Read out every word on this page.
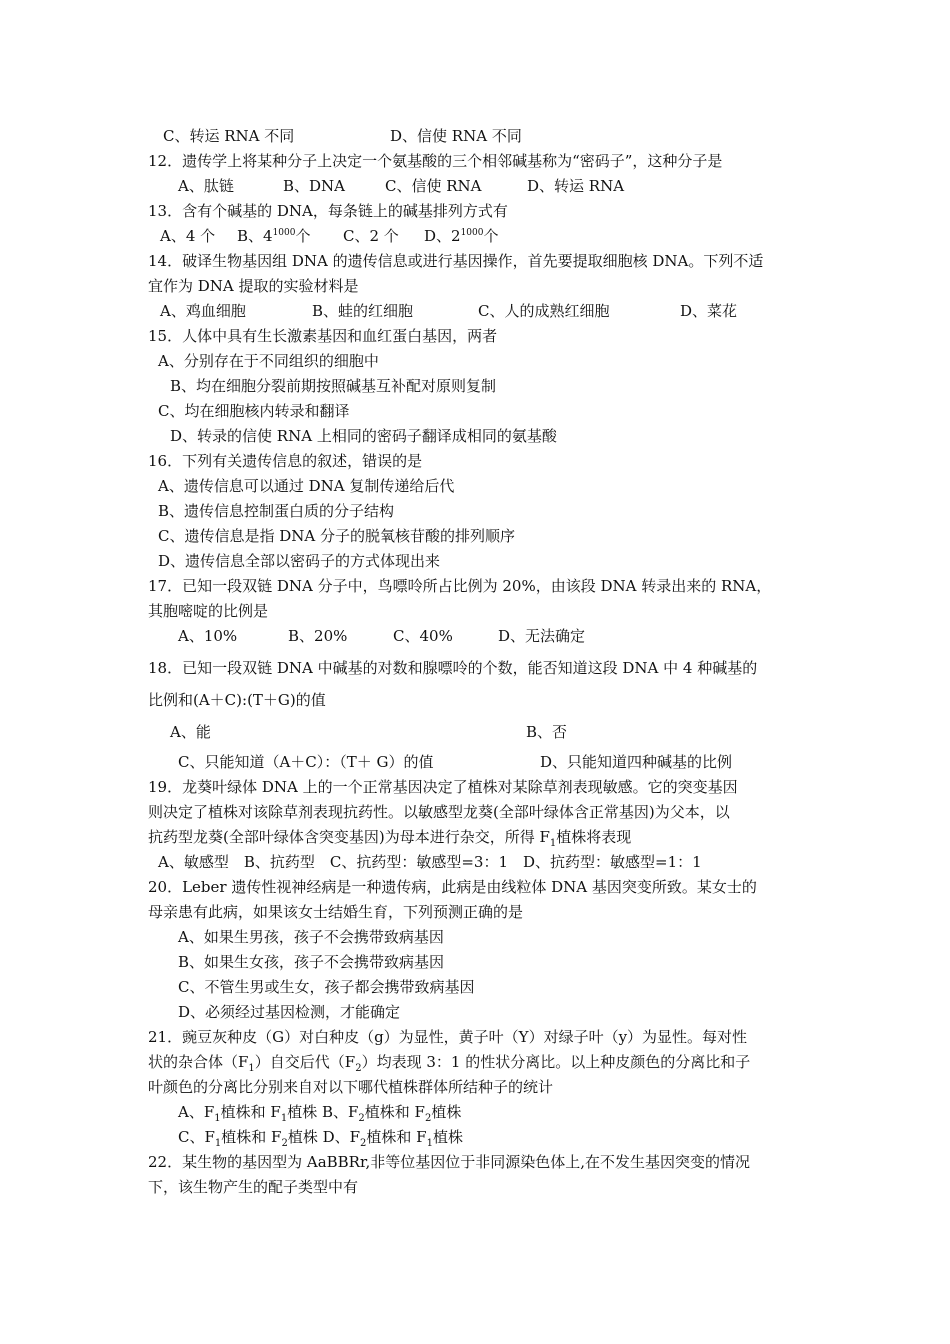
C、转运 RNA 不同	D、信使 RNA 不同
12．遗传学上将某种分子上决定一个氨基酸的三个相邻碱基称为“密码子”，这种分子是
A、肽链	B、DNA	C、信使 RNA	D、转运 RNA
13．含有个碱基的 DNA，每条链上的碱基排列方式有
A、4 个 B、$4^{1000}$个 C、2 个 D、$2^{1000}$个
14．破译生物基因组 DNA 的遗传信息或进行基因操作，首先要提取细胞核 DNA。下列不适
宜作为 DNA 提取的实验材料是
A、鸡血细胞	B、蛙的红细胞	C、人的成熟红细胞	D、菜花
15．人体中具有生长激素基因和血红蛋白基因，两者
A、分别存在于不同组织的细胞中
B、均在细胞分裂前期按照碱基互补配对原则复制
C、均在细胞核内转录和翻译
D、转录的信使 RNA 上相同的密码子翻译成相同的氨基酸
16．下列有关遗传信息的叙述，错误的是
A、遗传信息可以通过 DNA 复制传递给后代
B、遗传信息控制蛋白质的分子结构
C、遗传信息是指 DNA 分子的脱氧核苷酸的排列顺序
D、遗传信息全部以密码子的方式体现出来
17．已知一段双链 DNA 分子中，鸟嘌呤所占比例为 20%，由该段 DNA 转录出来的 RNA，
其胞嘧啶的比例是
A、10%	B、20%	C、40%	D、无法确定
18．已知一段双链 DNA 中碱基的对数和腺嘌呤的个数，能否知道这段 DNA 中 4 种碱基的
比例和(A＋C):(T＋G)的值
A、能	B、否
C、只能知道（A＋C）：（T＋ G）的值	D、只能知道四种碱基的比例
19．龙葵叶绿体 DNA 上的一个正常基因决定了植株对某除草剂表现敏感。它的突变基因
则决定了植株对该除草剂表现抗药性。以敏感型龙葵(全部叶绿体含正常基因)为父本，以
抗药型龙葵(全部叶绿体含突变基因)为母本进行杂交，所得 $F_1$植株将表现
A、敏感型　B、抗药型　C、抗药型：敏感型=3：1　D、抗药型：敏感型=1：1
20．Leber 遗传性视神经病是一种遗传病，此病是由线粒体 DNA 基因突变所致。某女士的
母亲患有此病，如果该女士结婚生育，下列预测正确的是
A、如果生男孩，孩子不会携带致病基因
B、如果生女孩，孩子不会携带致病基因
C、不管生男或生女，孩子都会携带致病基因
D、必须经过基因检测，才能确定
21．豌豆灰种皮（G）对白种皮（g）为显性，黄子叶（Y）对绿子叶（y）为显性。每对性
状的杂合体$(F_1)$自交后代$(F_2)$均表现 3：1 的性状分离比。以上种皮颜色的分离比和子
叶颜色的分离比分别来自对以下哪代植株群体所结种子的统计
A、$F_1$植株和 $F_1$植株 B、$F_2$植株和 $F_2$植株
C、$F_1$植株和 $F_2$植株 D、$F_2$植株和 $F_1$植株
22．某生物的基因型为 AaBBRr,非等位基因位于非同源染色体上,在不发生基因突变的情况
下，该生物产生的配子类型中有
